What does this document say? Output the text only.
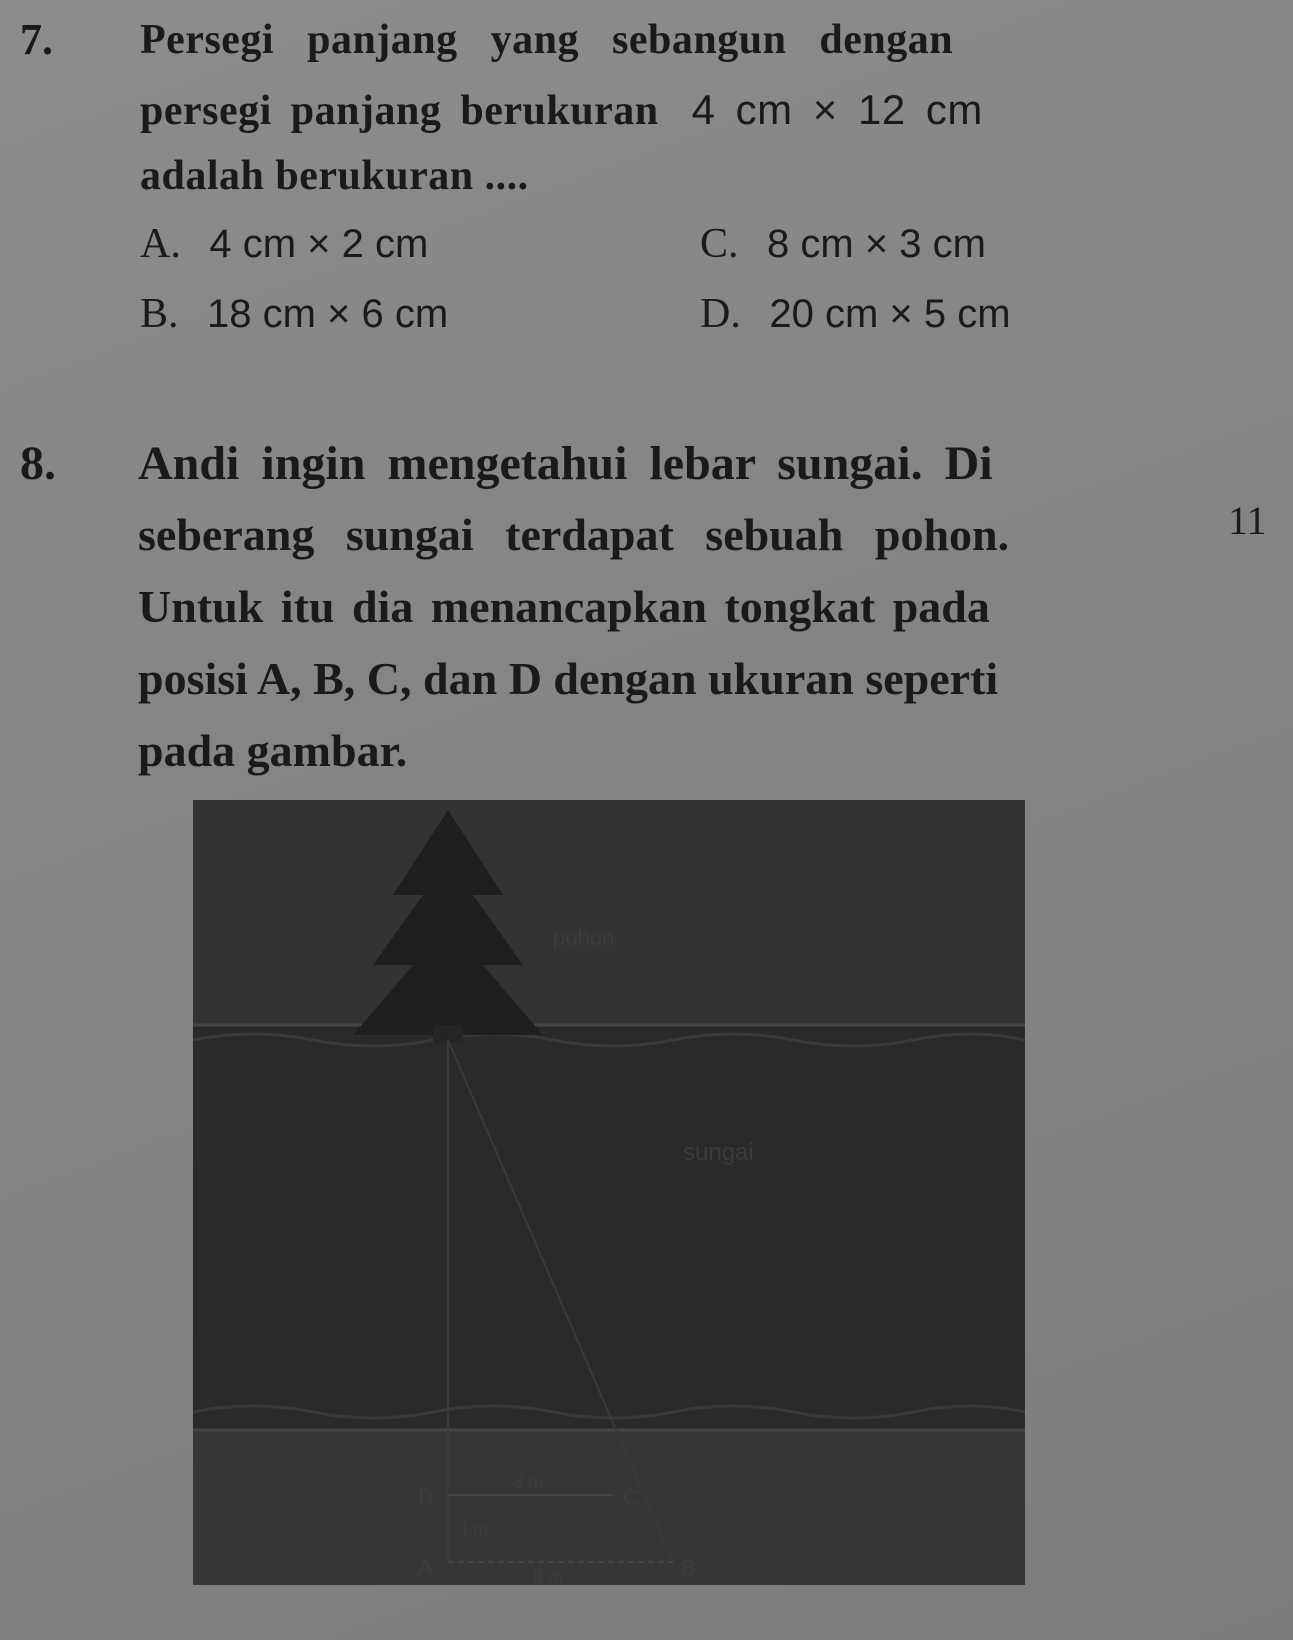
7. Persegi panjang yang sebangun dengan
persegi panjang berukuran 4 cm × 12 cm
adalah berukuran ....
A. 4 cm × 2 cm
B. 18 cm × 6 cm
C. 8 cm × 3 cm
D. 20 cm × 5 cm
8. Andi ingin mengetahui lebar sungai. Di
seberang sungai terdapat sebuah pohon.
Untuk itu dia menancapkan tongkat pada
posisi A, B, C, dan D dengan ukuran seperti
pada gambar.
11
pohon
sungai
D	C
A	B
3 m
4 m
8 m
